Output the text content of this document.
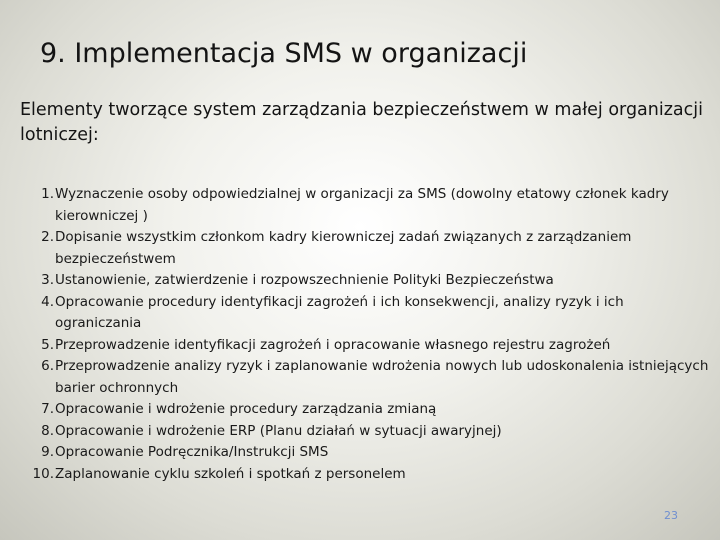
9. Implementacja SMS w organizacji

Elementy tworzące system zarządzania bezpieczeństwem w małej organizacji lotniczej:

1. Wyznaczenie osoby odpowiedzialnej w organizacji za SMS (dowolny etatowy członek kadry kierowniczej )
2. Dopisanie wszystkim członkom kadry kierowniczej zadań związanych z zarządzaniem bezpieczeństwem
3. Ustanowienie, zatwierdzenie i rozpowszechnienie Polityki Bezpieczeństwa
4. Opracowanie procedury identyfikacji zagrożeń i ich konsekwencji, analizy ryzyk i ich ograniczania
5. Przeprowadzenie identyfikacji zagrożeń i opracowanie własnego rejestru zagrożeń
6. Przeprowadzenie analizy ryzyk i zaplanowanie wdrożenia nowych lub udoskonalenia istniejących barier ochronnych
7. Opracowanie i wdrożenie procedury zarządzania zmianą
8. Opracowanie i wdrożenie ERP (Planu działań w sytuacji awaryjnej)
9. Opracowanie Podręcznika/Instrukcji SMS
10. Zaplanowanie cyklu szkoleń i spotkań z personelem
23
